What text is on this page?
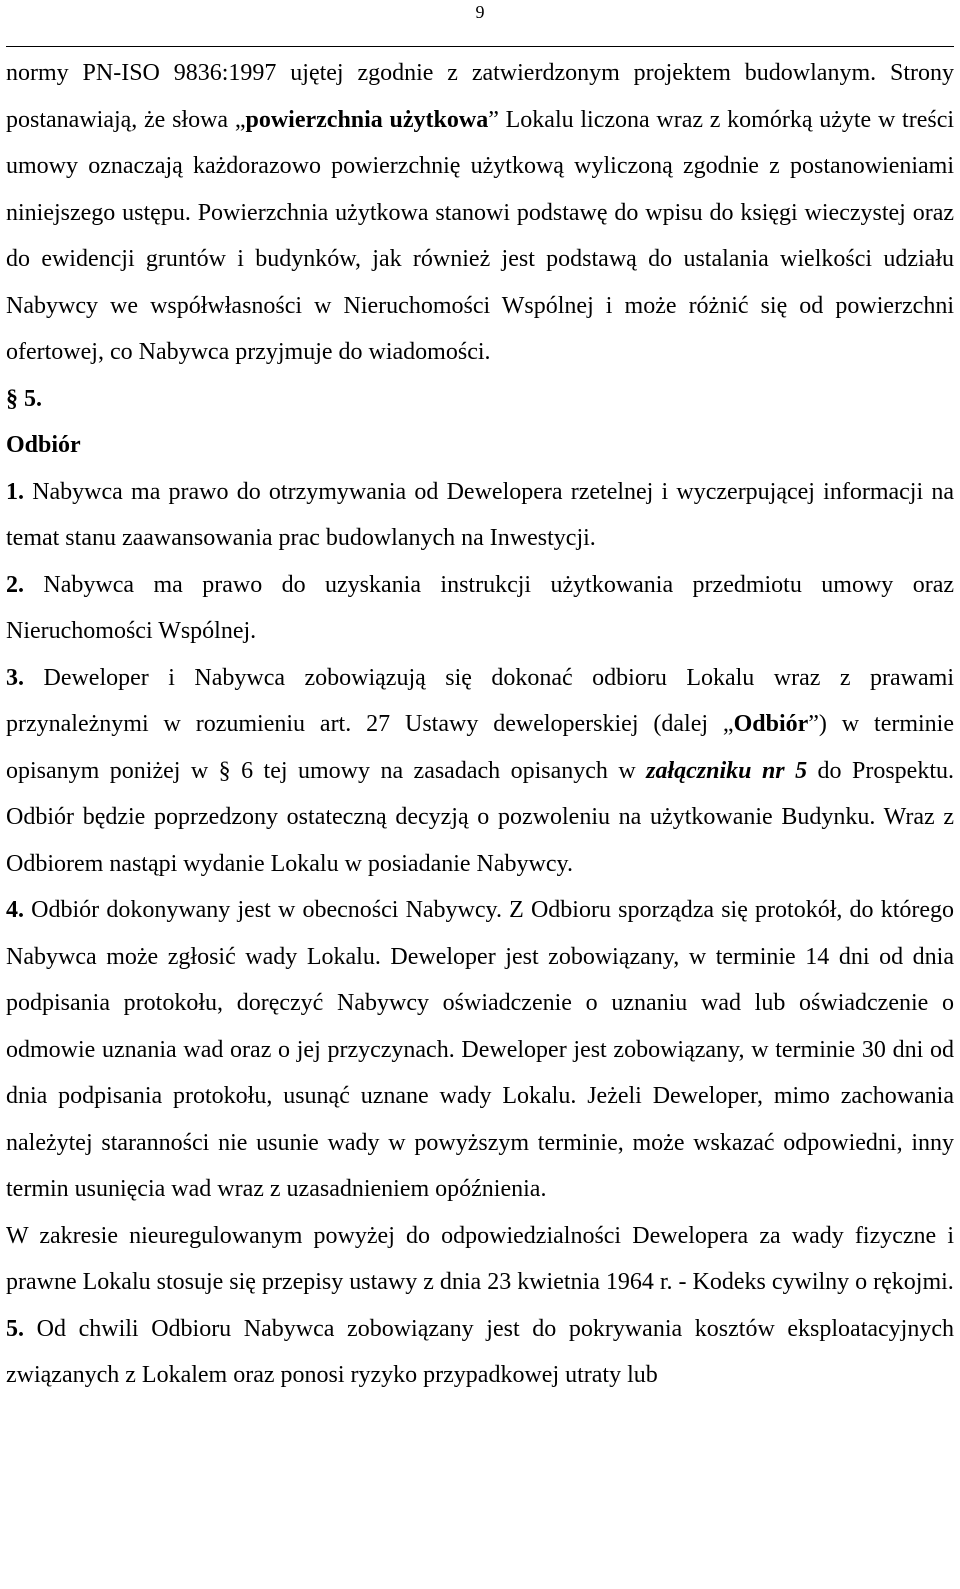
9

normy PN-ISO 9836:1997 ujętej zgodnie z zatwierdzonym projektem budowlanym. Strony postanawiają, że słowa „powierzchnia użytkowa” Lokalu liczona wraz z komórką użyte w treści umowy oznaczają każdorazowo powierzchnię użytkową wyliczoną zgodnie z postanowieniami niniejszego ustępu. Powierzchnia użytkowa stanowi podstawę do wpisu do księgi wieczystej oraz do ewidencji gruntów i budynków, jak również jest podstawą do ustalania wielkości udziału Nabywcy we współwłasności w Nieruchomości Wspólnej i może różnić się od powierzchni ofertowej, co Nabywca przyjmuje do wiadomości.

§ 5.

Odbiór

1. Nabywca ma prawo do otrzymywania od Dewelopera rzetelnej i wyczerpującej informacji na temat stanu zaawansowania prac budowlanych na Inwestycji.

2. Nabywca ma prawo do uzyskania instrukcji użytkowania przedmiotu umowy oraz Nieruchomości Wspólnej.

3. Deweloper i Nabywca zobowiązują się dokonać odbioru Lokalu wraz z prawami przynależnymi w rozumieniu art. 27 Ustawy deweloperskiej (dalej „Odbiór”) w terminie opisanym poniżej w § 6 tej umowy na zasadach opisanych w załączniku nr 5 do Prospektu. Odbiór będzie poprzedzony ostateczną decyzją o pozwoleniu na użytkowanie Budynku. Wraz z Odbiorem nastąpi wydanie Lokalu w posiadanie Nabywcy.

4. Odbiór dokonywany jest w obecności Nabywcy. Z Odbioru sporządza się protokół, do którego Nabywca może zgłosić wady Lokalu. Deweloper jest zobowiązany, w terminie 14 dni od dnia podpisania protokołu, doręczyć Nabywcy oświadczenie o uznaniu wad lub oświadczenie o odmowie uznania wad oraz o jej przyczynach. Deweloper jest zobowiązany, w terminie 30 dni od dnia podpisania protokołu, usunąć uznane wady Lokalu. Jeżeli Deweloper, mimo zachowania należytej staranności nie usunie wady w powyższym terminie, może wskazać odpowiedni, inny termin usunięcia wad wraz z uzasadnieniem opóźnienia.

W zakresie nieuregulowanym powyżej do odpowiedzialności Dewelopera za wady fizyczne i prawne Lokalu stosuje się przepisy ustawy z dnia 23 kwietnia 1964 r. - Kodeks cywilny o rękojmi.

5. Od chwili Odbioru Nabywca zobowiązany jest do pokrywania kosztów eksploatacyjnych związanych z Lokalem oraz ponosi ryzyko przypadkowej utraty lub
